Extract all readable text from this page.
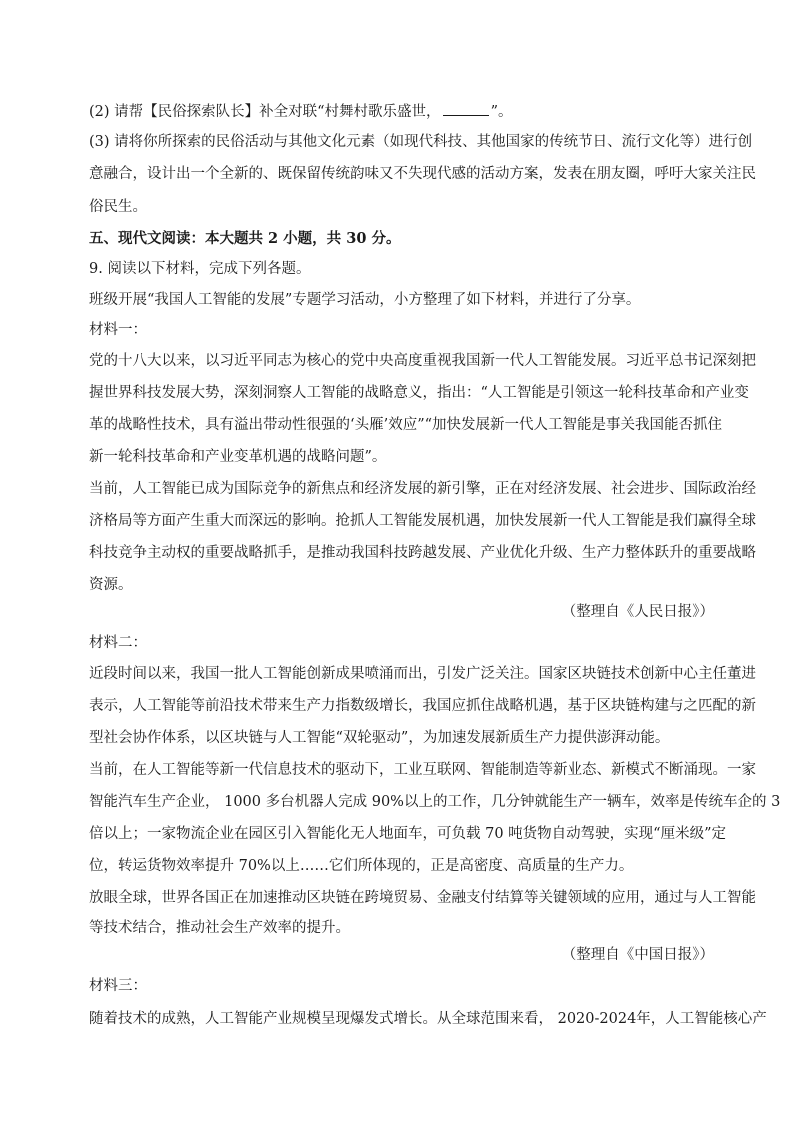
(2) 请帮【民俗探索队长】补全对联“村舞村歌乐盛世，	”。

(3) 请将你所探索的民俗活动与其他文化元素（如现代科技、其他国家的传统节日、流行文化等）进行创

意融合，设计出一个全新的、既保留传统韵味又不失现代感的活动方案，发表在朋友圈，呼吁大家关注民

俗民生。

五、现代文阅读：本大题共 2 小题，共 30 分。

9. 阅读以下材料，完成下列各题。

班级开展“我国人工智能的发展”专题学习活动，小方整理了如下材料，并进行了分享。

材料一：

党的十八大以来，以习近平同志为核心的党中央高度重视我国新一代人工智能发展。习近平总书记深刻把

握世界科技发展大势，深刻洞察人工智能的战略意义，指出：“人工智能是引领这一轮科技革命和产业变

革的战略性技术，具有溢出带动性很强的‘头雁’效应”“加快发展新一代人工智能是事关我国能否抓住

新一轮科技革命和产业变革机遇的战略问题”。

当前，人工智能已成为国际竞争的新焦点和经济发展的新引擎，正在对经济发展、社会进步、国际政治经

济格局等方面产生重大而深远的影响。抢抓人工智能发展机遇，加快发展新一代人工智能是我们赢得全球

科技竞争主动权的重要战略抓手，是推动我国科技跨越发展、产业优化升级、生产力整体跃升的重要战略

资源。

（整理自《人民日报》）

材料二：

近段时间以来，我国一批人工智能创新成果喷涌而出，引发广泛关注。国家区块链技术创新中心主任董进

表示，人工智能等前沿技术带来生产力指数级增长，我国应抓住战略机遇，基于区块链构建与之匹配的新

型社会协作体系，以区块链与人工智能“双轮驱动”，为加速发展新质生产力提供澎湃动能。

当前，在人工智能等新一代信息技术的驱动下，工业互联网、智能制造等新业态、新模式不断涌现。一家

智能汽车生产企业， 1000 多台机器人完成 90%以上的工作，几分钟就能生产一辆车，效率是传统车企的 3

倍以上；一家物流企业在园区引入智能化无人地面车，可负载 70 吨货物自动驾驶，实现“厘米级”定

位，转运货物效率提升 70%以上……它们所体现的，正是高密度、高质量的生产力。

放眼全球，世界各国正在加速推动区块链在跨境贸易、金融支付结算等关键领域的应用，通过与人工智能

等技术结合，推动社会生产效率的提升。

（整理自《中国日报》）

材料三：

随着技术的成熟，人工智能产业规模呈现爆发式增长。从全球范围来看， 2020-2024年，人工智能核心产
